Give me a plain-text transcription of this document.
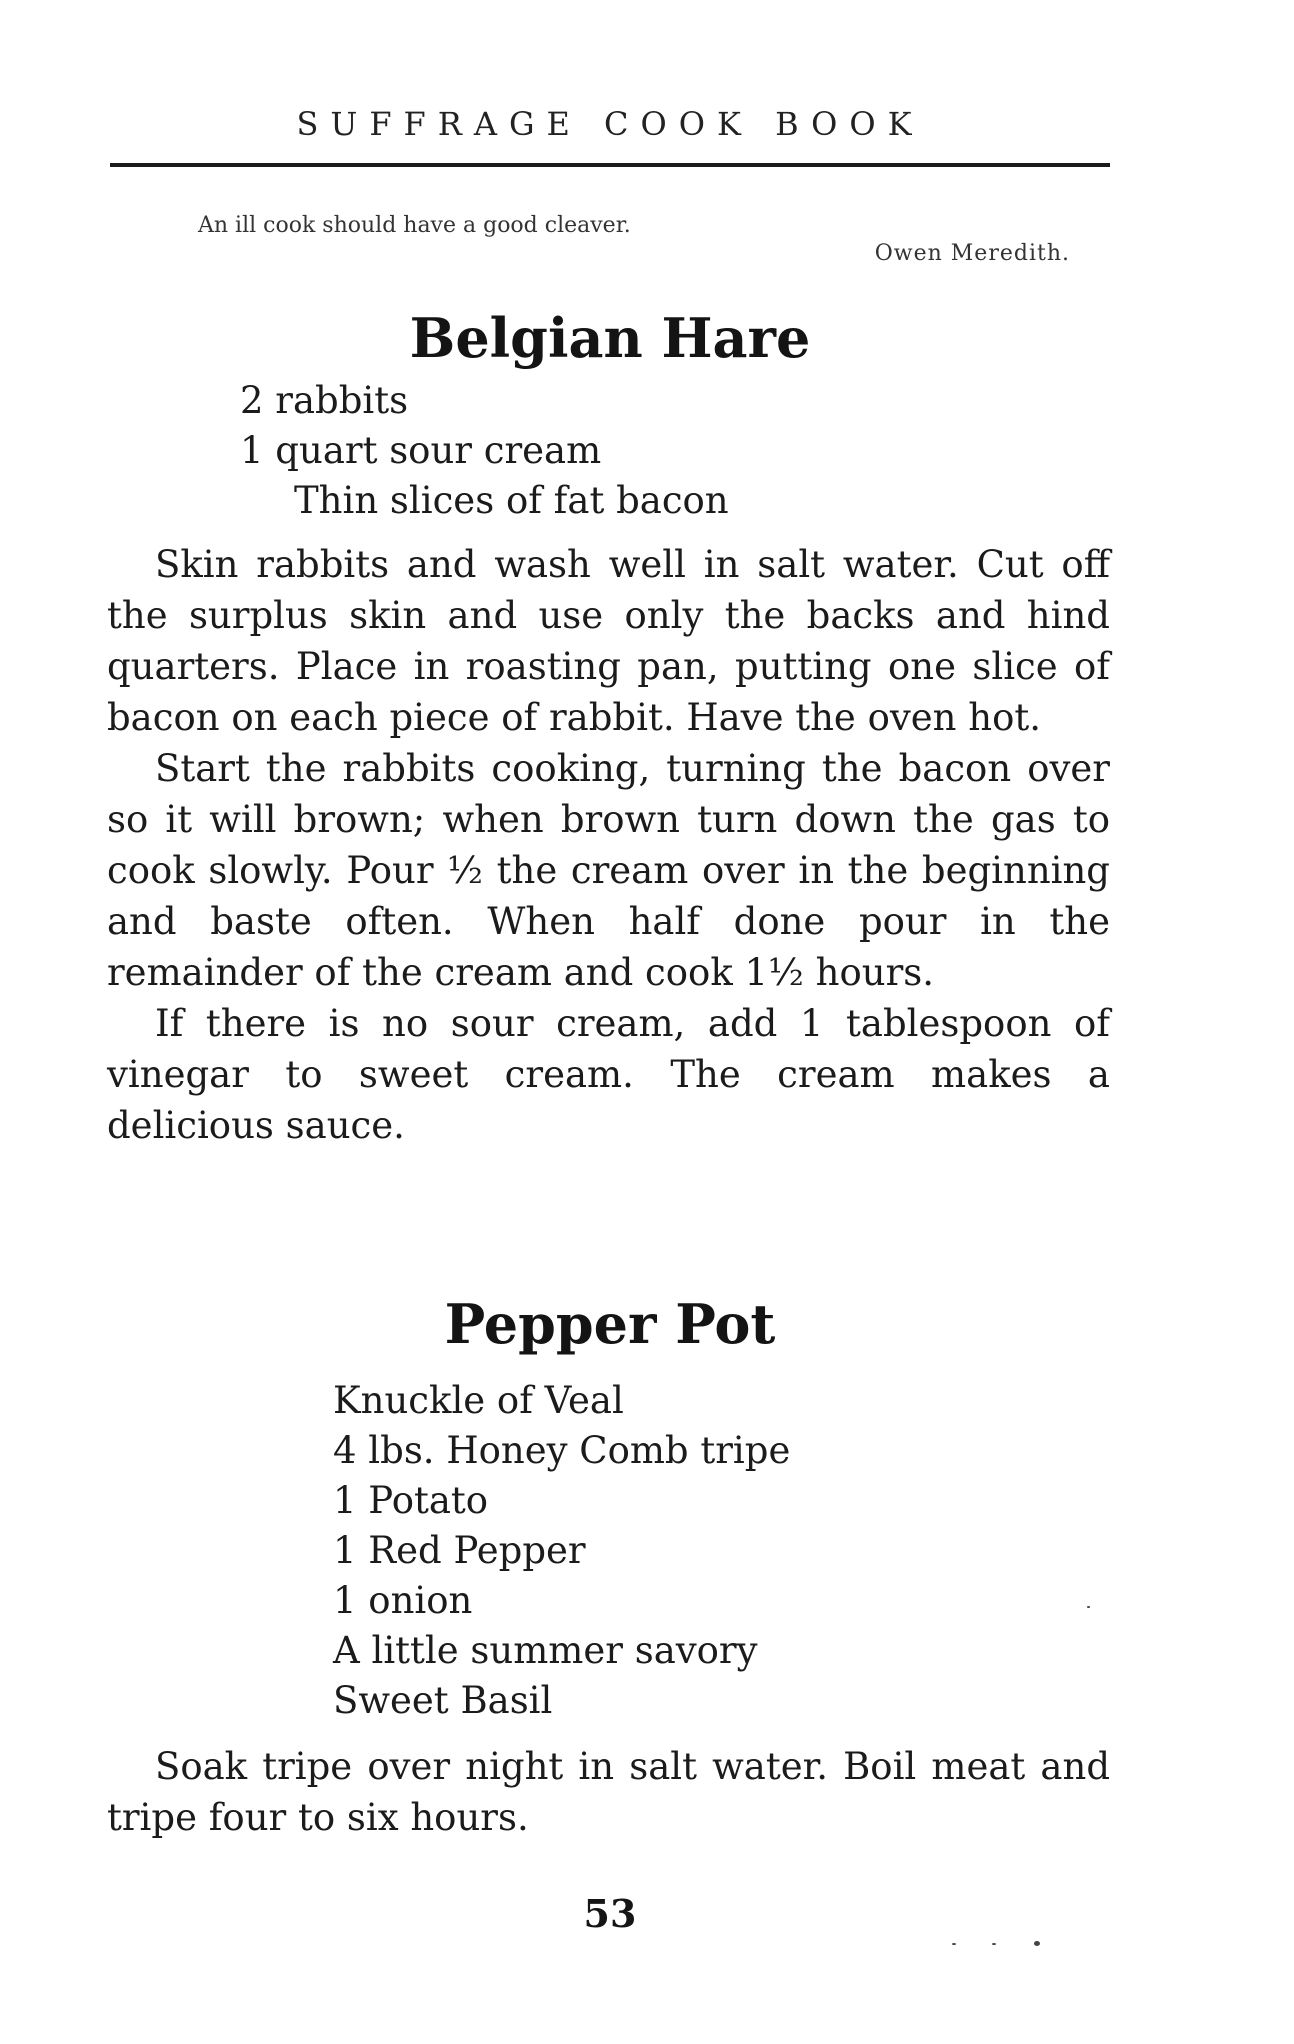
SUFFRAGE COOK BOOK
An ill cook should have a good cleaver.
Owen Meredith.
Belgian Hare
2 rabbits
1 quart sour cream
Thin slices of fat bacon

Skin rabbits and wash well in salt water. Cut off the surplus skin and use only the backs and hind quarters. Place in roasting pan, putting one slice of bacon on each piece of rabbit. Have the oven hot.

Start the rabbits cooking, turning the bacon over so it will brown; when brown turn down the gas to cook slowly. Pour ½ the cream over in the beginning and baste often. When half done pour in the remainder of the cream and cook 1½ hours.

If there is no sour cream, add 1 tablespoon of vinegar to sweet cream. The cream makes a delicious sauce.

Pepper Pot
Knuckle of Veal
4 lbs. Honey Comb tripe
1 Potato
1 Red Pepper
1 onion
A little summer savory
Sweet Basil

Soak tripe over night in salt water. Boil meat and tripe four to six hours.

53
